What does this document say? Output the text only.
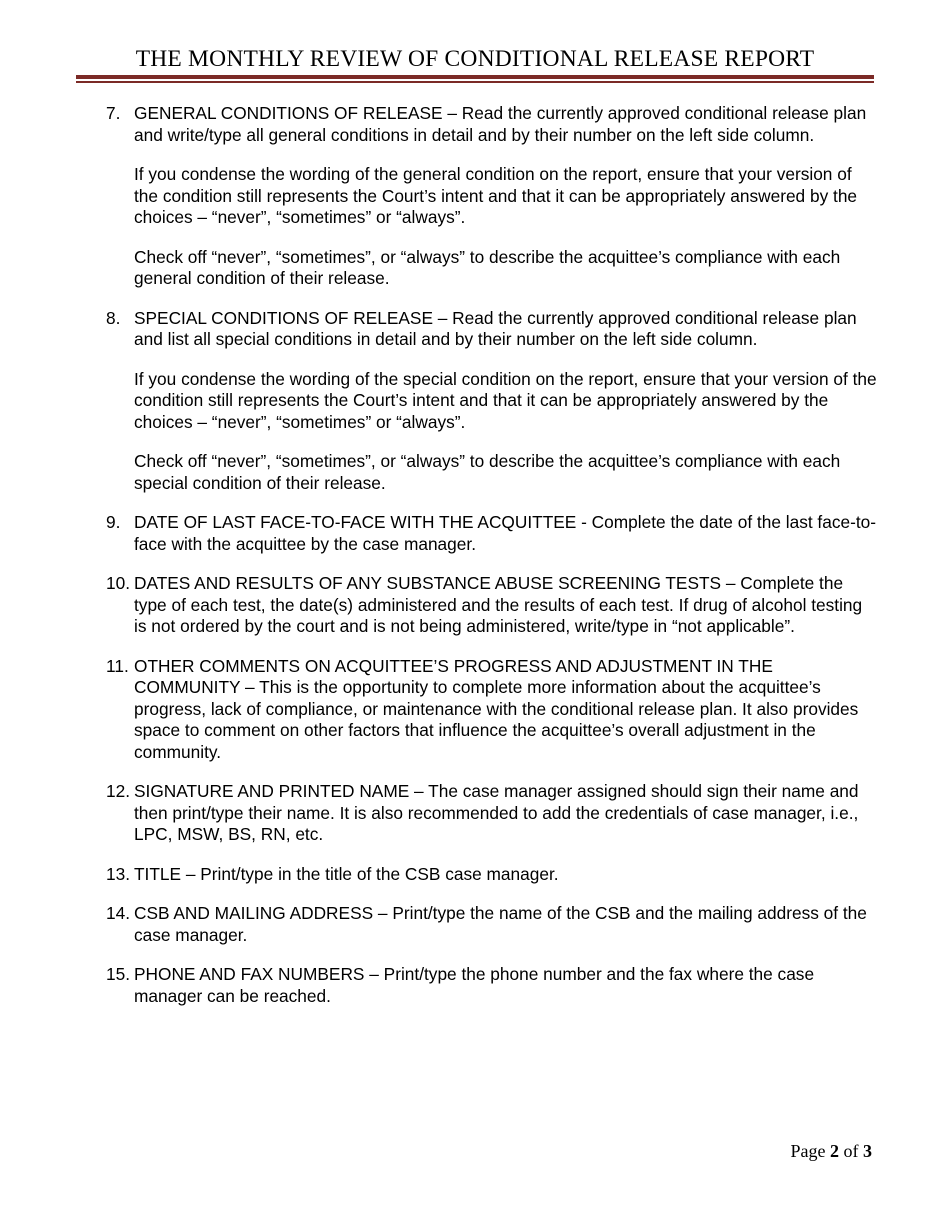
THE MONTHLY REVIEW OF CONDITIONAL RELEASE REPORT
7. GENERAL CONDITIONS OF RELEASE – Read the currently approved conditional release plan and write/type all general conditions in detail and by their number on the left side column.

If you condense the wording of the general condition on the report, ensure that your version of the condition still represents the Court’s intent and that it can be appropriately answered by the choices – “never”, “sometimes” or “always”.

Check off “never”, “sometimes”, or “always” to describe the acquittee’s compliance with each general condition of their release.

8. SPECIAL CONDITIONS OF RELEASE – Read the currently approved conditional release plan and list all special conditions in detail and by their number on the left side column.

If you condense the wording of the special condition on the report, ensure that your version of the condition still represents the Court’s intent and that it can be appropriately answered by the choices – “never”, “sometimes” or “always”.

Check off “never”, “sometimes”, or “always” to describe the acquittee’s compliance with each special condition of their release.

9. DATE OF LAST FACE-TO-FACE WITH THE ACQUITTEE - Complete the date of the last face-to-face with the acquittee by the case manager.

10. DATES AND RESULTS OF ANY SUBSTANCE ABUSE SCREENING TESTS – Complete the type of each test, the date(s) administered and the results of each test. If drug of alcohol testing is not ordered by the court and is not being administered, write/type in “not applicable”.

11. OTHER COMMENTS ON ACQUITTEE’S PROGRESS AND ADJUSTMENT IN THE COMMUNITY – This is the opportunity to complete more information about the acquittee’s progress, lack of compliance, or maintenance with the conditional release plan. It also provides space to comment on other factors that influence the acquittee’s overall adjustment in the community.

12. SIGNATURE AND PRINTED NAME – The case manager assigned should sign their name and then print/type their name. It is also recommended to add the credentials of case manager, i.e., LPC, MSW, BS, RN, etc.

13. TITLE – Print/type in the title of the CSB case manager.

14. CSB AND MAILING ADDRESS – Print/type the name of the CSB and the mailing address of the case manager.

15. PHONE AND FAX NUMBERS – Print/type the phone number and the fax where the case manager can be reached.

Page 2 of 3
